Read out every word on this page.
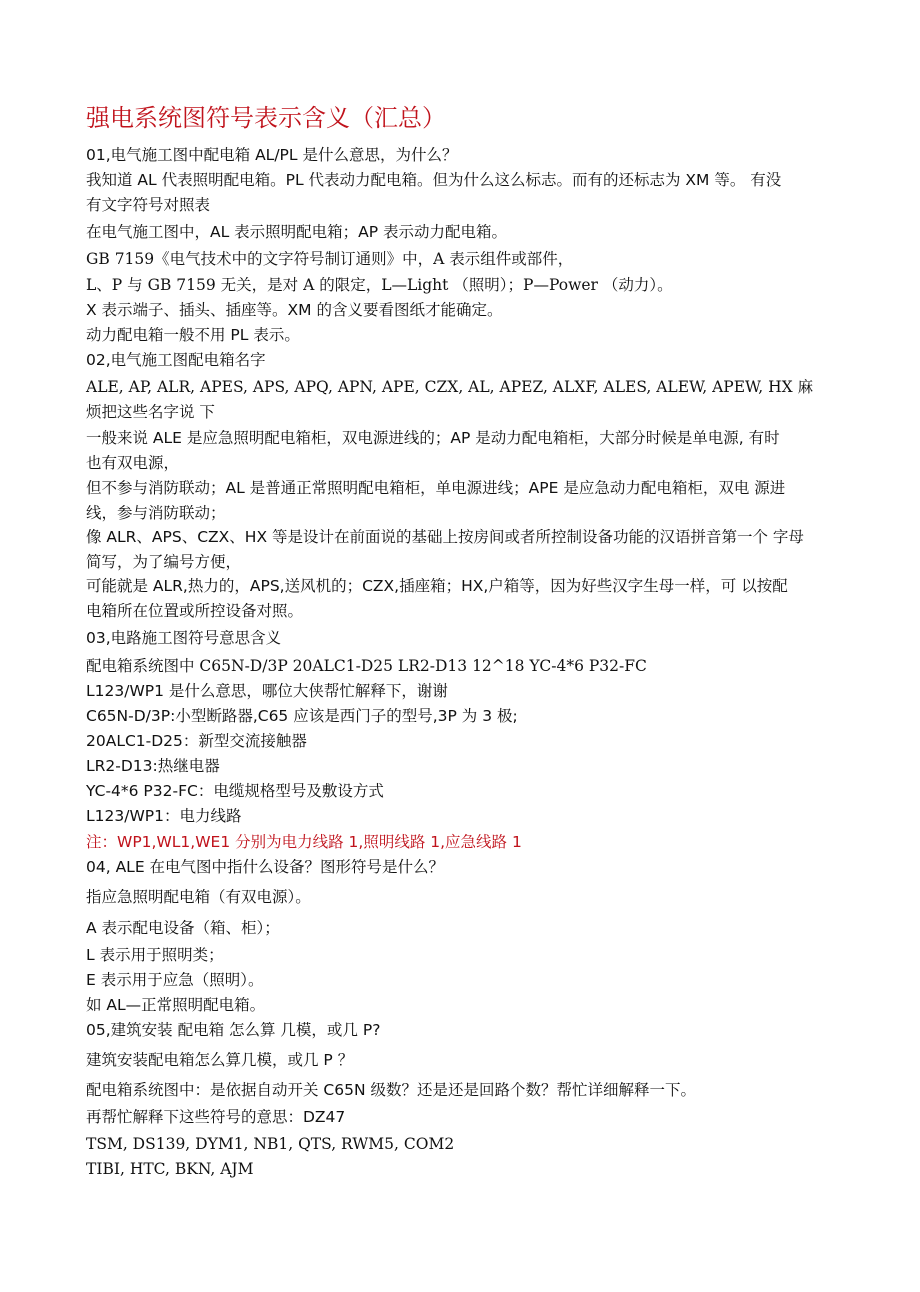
强电系统图符号表示含义（汇总）
01,电气施工图中配电箱 AL/PL 是什么意思，为什么？
我知道 AL 代表照明配电箱。PL 代表动力配电箱。但为什么这么标志。而有的还标志为 XM 等。 有没
有文字符号对照表
在电气施工图中，AL 表示照明配电箱；AP 表示动力配电箱。
GB 7159《电气技术中的文字符号制订通则》中，A 表示组件或部件，
L、P 与 GB 7159 无关，是对 A 的限定，L—Light （照明）；P—Power （动力）。
X 表示端子、插头、插座等。XM 的含义要看图纸才能确定。
动力配电箱一般不用 PL 表示。
02,电气施工图配电箱名字
ALE, AP, ALR, APES, APS, APQ, APN, APE, CZX, AL, APEZ, ALXF, ALES, ALEW, APEW, HX 麻
烦把这些名字说 下
一般来说 ALE 是应急照明配电箱柜，双电源进线的；AP 是动力配电箱柜，大部分时候是单电源, 有时
也有双电源，
但不参与消防联动；AL 是普通正常照明配电箱柜，单电源进线；APE 是应急动力配电箱柜，双电 源进
线，参与消防联动；
像 ALR、APS、CZX、HX 等是设计在前面说的基础上按房间或者所控制设备功能的汉语拼音第一个 字母
简写，为了编号方便，
可能就是 ALR,热力的，APS,送风机的；CZX,插座箱；HX,户箱等，因为好些汉字生母一样，可 以按配
电箱所在位置或所控设备对照。
03,电路施工图符号意思含义
配电箱系统图中 C65N-D/3P 20ALC1-D25 LR2-D13 12^18 YC-4*6 P32-FC
L123/WP1 是什么意思，哪位大侠帮忙解释下，谢谢
C65N-D/3P:小型断路器,C65 应该是西门子的型号,3P 为 3 极;
20ALC1-D25：新型交流接触器
LR2-D13:热继电器
YC-4*6 P32-FC：电缆规格型号及敷设方式
L123/WP1：电力线路
注：WP1,WL1,WE1 分别为电力线路 1,照明线路 1,应急线路 1
04, ALE 在电气图中指什么设备？图形符号是什么？
指应急照明配电箱（有双电源）。
A 表示配电设备（箱、柜）；
L 表示用于照明类；
E 表示用于应急（照明）。
如 AL—正常照明配电箱。
05,建筑安装 配电箱 怎么算 几模，或几 P?
建筑安装配电箱怎么算几模，或几 P ？
配电箱系统图中：是依据自动开关 C65N 级数？还是还是回路个数？帮忙详细解释一下。
再帮忙解释下这些符号的意思：DZ47
TSM, DS139, DYM1, NB1, QTS, RWM5, COM2
TIBI, HTC, BKN, AJM
